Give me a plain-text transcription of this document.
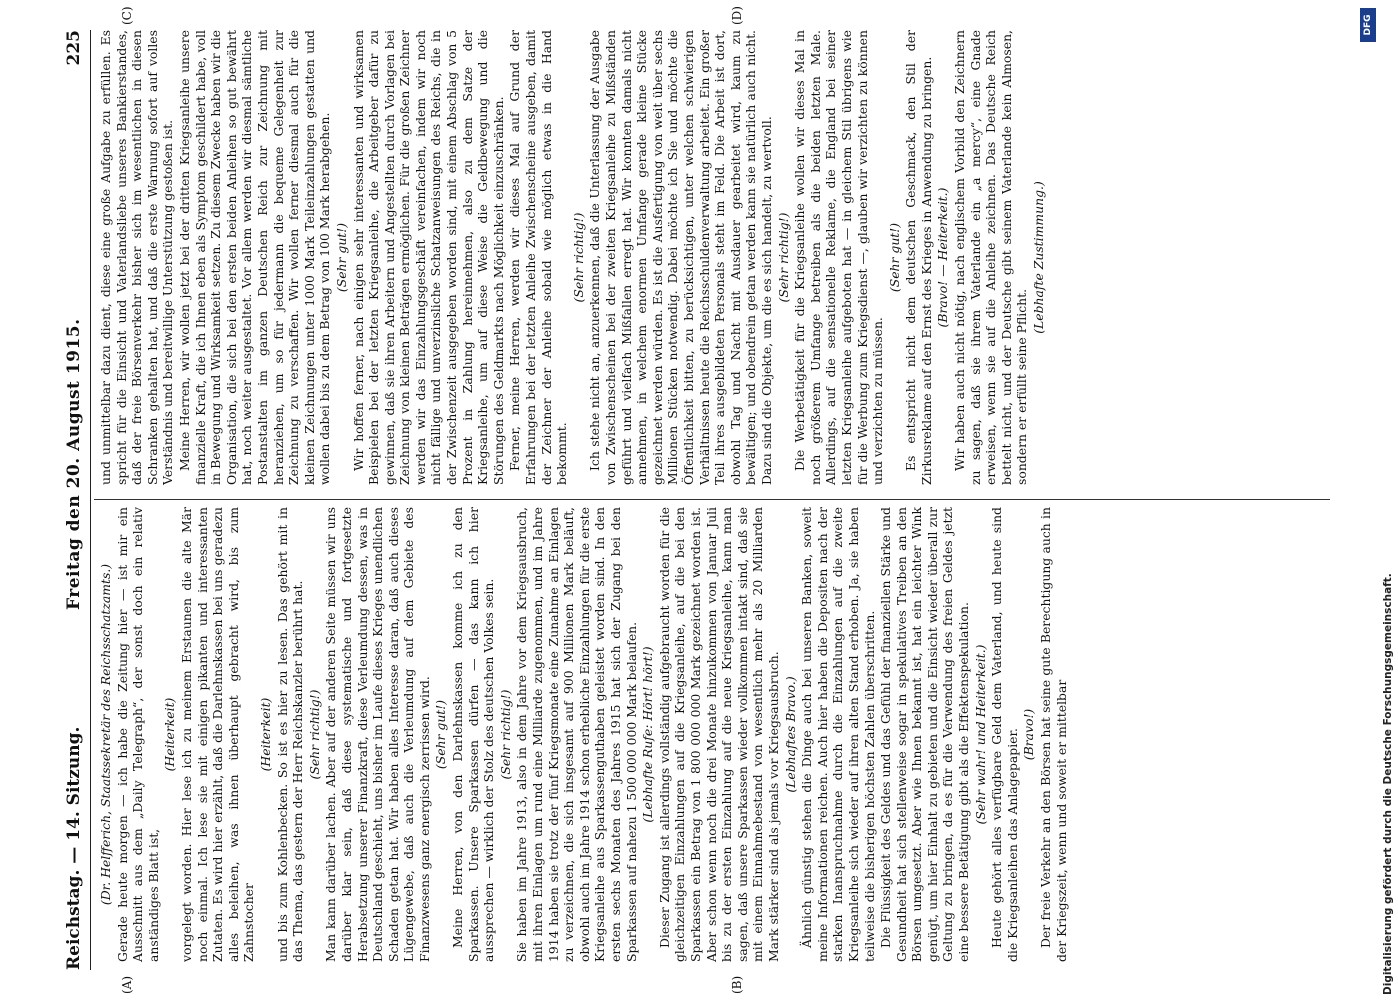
Reichstag. — 14. Sitzung.
Freitag den 20. August 1915.
225
(A)	(B)
(C)	(D)

(Dr. Helfferich, Staatssekretär des Reichsschatzamts.) Gerade heute morgen — ich habe die Zeitung hier — ist mir ein Ausschnitt aus dem „Daily Telegraph“, der sonst doch ein relativ anständiges Blatt ist,

(Heiterkeit) vorgelegt worden. Hier lese ich zu meinem Erstaunen die alte Mär noch einmal. Ich lese sie mit einigen pikanten und interessanten Zutaten. Es wird hier erzählt, daß die Darlehnskassen bei uns geradezu alles beleihen, was ihnen überhaupt gebracht wird, bis zum Zahnstocher

(Heiterkeit) und bis zum Kohlenbecken. So ist es hier zu lesen. Das gehört mit in das Thema, das gestern der Herr Reichskanzler berührt hat. (Sehr richtig!) Man kann darüber lachen. Aber auf der anderen Seite müssen wir uns darüber klar sein, daß diese systematische und fortgesetzte Herabsetzung unserer Finanzkraft, diese Verleumdung dessen, was in Deutschland geschieht, uns bisher im Laufe dieses Krieges unendlichen Schaden getan hat. Wir haben alles Interesse daran, daß auch dieses Lügengewebe, daß auch die Verleumdung auf dem Gebiete des Finanzwesens ganz energisch zerrissen wird. (Sehr gut!) Meine Herren, von den Darlehnskassen komme ich zu den Sparkassen. Unsere Sparkassen dürfen — das kann ich hier aussprechen — wirklich der Stolz des deutschen Volkes sein. (Sehr richtig!) Sie haben im Jahre 1913, also in dem Jahre vor dem Kriegsausbruch, mit ihren Einlagen um rund eine Milliarde zugenommen, und im Jahre 1914 haben sie trotz der fünf Kriegsmonate eine Zunahme an Einlagen zu verzeichnen, die sich insgesamt auf 900 Millionen Mark beläuft, obwohl auch im Jahre 1914 schon erhebliche Einzahlungen für die erste Kriegsanleihe aus Sparkassenguthaben geleistet worden sind. In den ersten sechs Monaten des Jahres 1915 hat sich der Zugang bei den Sparkassen auf nahezu 1 500 000 000 Mark belaufen. (Lebhafte Rufe: Hört! hört!) Dieser Zugang ist allerdings vollständig aufgebraucht worden für die gleichzeitigen Einzahlungen auf die Kriegsanleihe, auf die bei den Sparkassen ein Betrag von 1 800 000 000 Mark gezeichnet worden ist. Aber schon wenn noch die drei Monate hinzukommen von Januar Juli bis zu der ersten Einzahlung auf die neue Kriegsanleihe, kann man sagen, daß unsere Sparkassen wieder vollkommen intakt sind, daß sie mit einem Einnahmebestand von wesentlich mehr als 20 Milliarden Mark stärker sind als jemals vor Kriegsausbruch. (Lebhaftes Bravo.) Ähnlich günstig stehen die Dinge auch bei unseren Banken, soweit meine Informationen reichen. Auch hier haben die Depositen nach der starken Inanspruchnahme durch die Einzahlungen auf die zweite Kriegsanleihe sich wieder auf ihren alten Stand erhoben. Ja, sie haben teilweise die bisherigen höchsten Zahlen überschritten. Die Flüssigkeit des Geldes und das Gefühl der finanziellen Stärke und Gesundheit hat sich stellenweise sogar in spekulatives Treiben an den Börsen umgesetzt. Aber wie Ihnen bekannt ist, hat ein leichter Wink genügt, um hier Einhalt zu gebieten und die Einsicht wieder überall zur Geltung zu bringen, da es für die Verwendung des freien Geldes jetzt eine bessere Betätigung gibt als die Effektenspekulation. (Sehr wahr! und Heiterkeit.) Heute gehört alles verfügbare Geld dem Vaterland, und heute sind die Kriegsanleihen das Anlagepapier. (Bravo!) Der freie Verkehr an den Börsen hat seine gute Berechtigung auch in der Kriegszeit, wenn und soweit er mittelbar

und unmittelbar dazu dient, diese eine große Aufgabe zu erfüllen. Es spricht für die Einsicht und Vaterlandsliebe unseres Bankierstandes, daß der freie Börsenverkehr bisher sich im wesentlichen in diesen Schranken gehalten hat, und daß die erste Warnung sofort auf volles Verständnis und bereitwillige Unterstützung gestoßen ist. Meine Herren, wir wollen jetzt bei der dritten Kriegsanleihe unsere finanzielle Kraft, die ich Ihnen eben als Symptom geschildert habe, voll in Bewegung und Wirksamkeit setzen. Zu diesem Zwecke haben wir die Organisation, die sich bei den ersten beiden Anleihen so gut bewährt hat, noch weiter ausgestaltet. Vor allem werden wir diesmal sämtliche Postanstalten im ganzen Deutschen Reich zur Zeichnung mit heranziehen, um so für jedermann die bequeme Gelegenheit zur Zeichnung zu verschaffen. Wir wollen ferner diesmal auch für die kleinen Zeichnungen unter 1000 Mark Teileinzahlungen gestatten und wollen dabei bis zu dem Betrag von 100 Mark herabgehen. (Sehr gut!) Wir hoffen ferner, nach einigen sehr interessanten und wirksamen Beispielen bei der letzten Kriegsanleihe, die Arbeitgeber dafür zu gewinnen, daß sie ihren Arbeitern und Angestellten durch Vorlagen bei Zeichnung von kleinen Beträgen ermöglichen. Für die großen Zeichner werden wir das Einzahlungsgeschäft vereinfachen, indem wir noch nicht fällige und unverzinsliche Schatzanweisungen des Reichs, die in der Zwischenzeit ausgegeben worden sind, mit einem Abschlag von 5 Prozent in Zahlung hereinnehmen, also zu dem Satze der Kriegsanleihe, um auf diese Weise die Geldbewegung und die Störungen des Geldmarkts nach Möglichkeit einzuschränken. Ferner, meine Herren, werden wir dieses Mal auf Grund der Erfahrungen bei der letzten Anleihe Zwischenscheine ausgeben, damit der Zeichner der Anleihe sobald wie möglich etwas in die Hand bekommt.

(Sehr richtig!) Ich stehe nicht an, anzuerkennen, daß die Unterlassung der Ausgabe von Zwischenscheinen bei der zweiten Kriegsanleihe zu Mißständen geführt und vielfach Mißfallen erregt hat. Wir konnten damals nicht annehmen, in welchem enormen Umfange gerade kleine Stücke gezeichnet werden würden. Es ist die Ausfertigung von weit über sechs Millionen Stücken notwendig. Dabei möchte ich Sie und möchte die Öffentlichkeit bitten, zu berücksichtigen, unter welchen schwierigen Verhältnissen heute die Reichsschuldenverwaltung arbeitet. Ein großer Teil ihres ausgebildeten Personals steht im Feld. Die Arbeit ist dort, obwohl Tag und Nacht mit Ausdauer gearbeitet wird, kaum zu bewältigen; und obendrein getan werden kann sie natürlich auch nicht. Dazu sind die Objekte, um die es sich handelt, zu wertvoll. (Sehr richtig!) Die Werbetätigkeit für die Kriegsanleihe wollen wir dieses Mal in noch größerem Umfange betreiben als die beiden letzten Male. Allerdings, auf die sensationelle Reklame, die England bei seiner letzten Kriegsanleihe aufgeboten hat — in gleichem Stil übrigens wie für die Werbung zum Kriegsdienst —, glauben wir verzichten zu können und verzichten zu müssen.

(Sehr gut!) Es entspricht nicht dem deutschen Geschmack, den Stil der Zirkusreklame auf den Ernst des Krieges in Anwendung zu bringen. (Bravo! — Heiterkeit.) Wir haben auch nicht nötig, nach englischem Vorbild den Zeichnern zu sagen, daß sie ihrem Vaterlande ein „a mercy“, eine Gnade erweisen, wenn sie auf die Anleihe zeichnen. Das Deutsche Reich bettelt nicht, und der Deutsche gibt seinem Vaterlande kein Almosen, sondern er erfüllt seine Pflicht.

(Lebhafte Zustimmung.)

Digitalisierung gefördert durch die Deutsche Forschungsgemeinschaft.
DFG
